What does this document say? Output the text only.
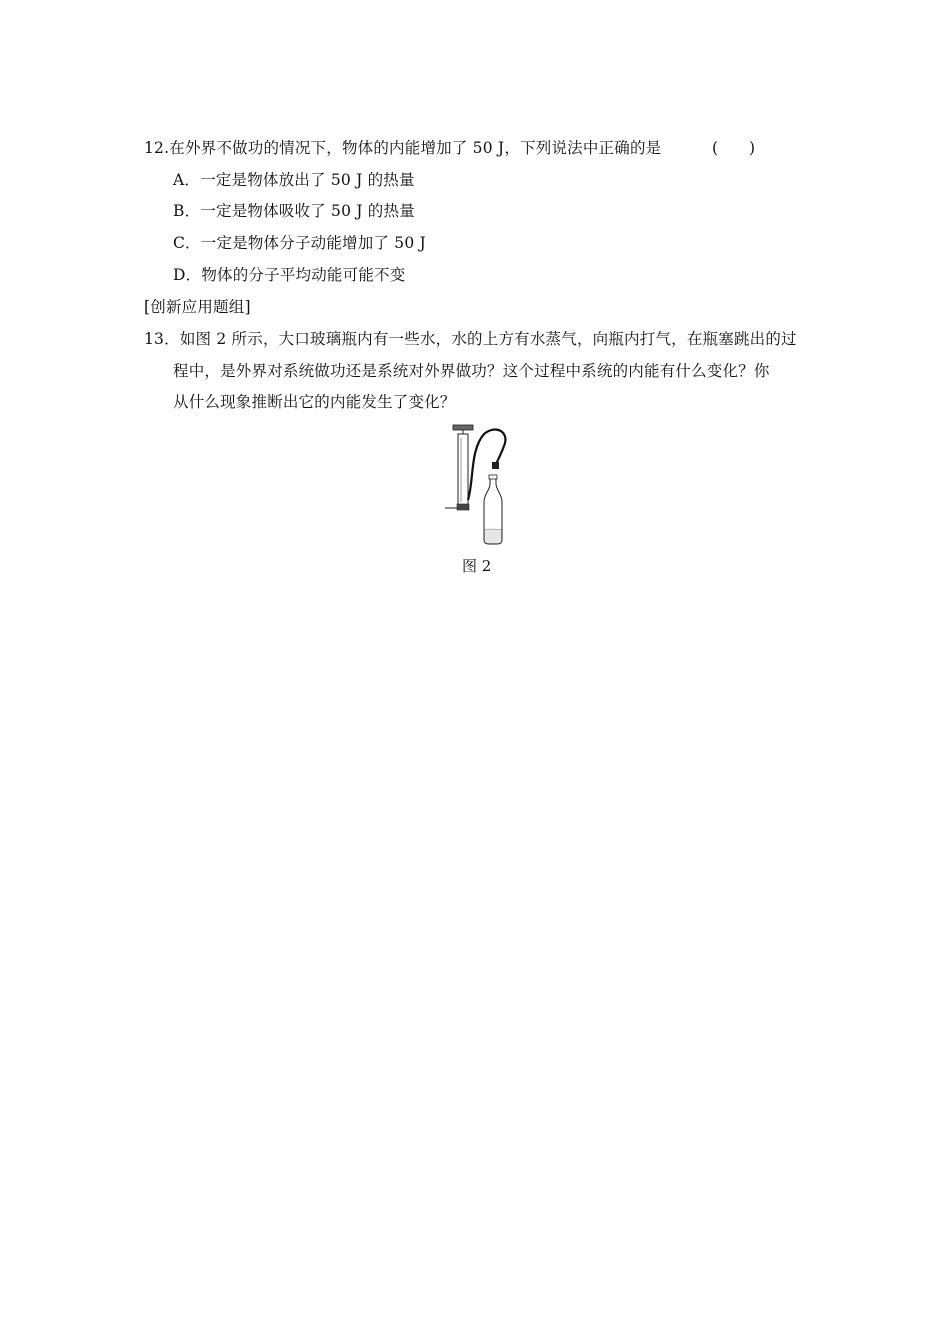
12.在外界不做功的情况下，物体的内能增加了 50 J，下列说法中正确的是	(　　)
A．一定是物体放出了 50 J 的热量
B．一定是物体吸收了 50 J 的热量
C．一定是物体分子动能增加了 50 J
D．物体的分子平均动能可能不变
[创新应用题组]
13．如图 2 所示，大口玻璃瓶内有一些水，水的上方有水蒸气，向瓶内打气，在瓶塞跳出的过
程中，是外界对系统做功还是系统对外界做功？这个过程中系统的内能有什么变化？你
从什么现象推断出它的内能发生了变化？
图 2
